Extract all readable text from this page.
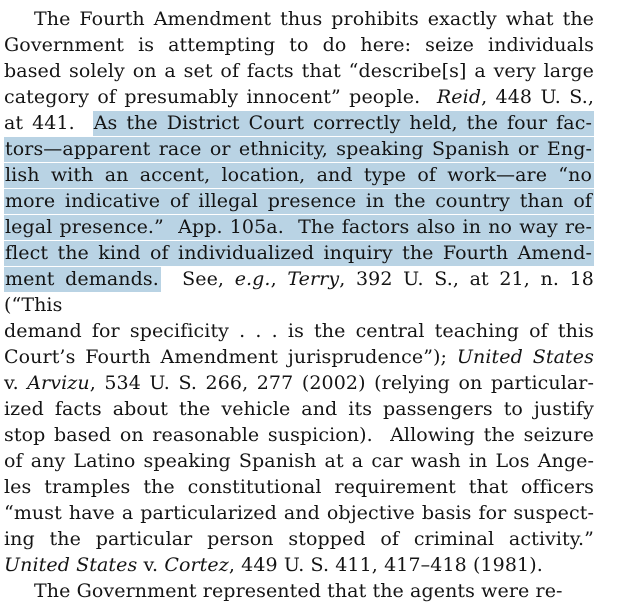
The Fourth Amendment thus prohibits exactly what the
Government is attempting to do here: seize individuals
based solely on a set of facts that “describe[s] a very large
category of presumably innocent” people.  Reid, 448 U. S.,
at 441.  As the District Court correctly held, the four fac-
tors—apparent race or ethnicity, speaking Spanish or Eng-
lish with an accent, location, and type of work—are “no
more indicative of illegal presence in the country than of
legal presence.”  App. 105a.  The factors also in no way re-
flect the kind of individualized inquiry the Fourth Amend-
ment demands.  See, e.g., Terry, 392 U. S., at 21, n. 18 (“This
demand for specificity . . . is the central teaching of this
Court’s Fourth Amendment jurisprudence”); United States
v. Arvizu, 534 U. S. 266, 277 (2002) (relying on particular-
ized facts about the vehicle and its passengers to justify
stop based on reasonable suspicion).  Allowing the seizure
of any Latino speaking Spanish at a car wash in Los Ange-
les tramples the constitutional requirement that officers
“must have a particularized and objective basis for suspect-
ing the particular person stopped of criminal activity.”
United States v. Cortez, 449 U. S. 411, 417–418 (1981).
The Government represented that the agents were re-
